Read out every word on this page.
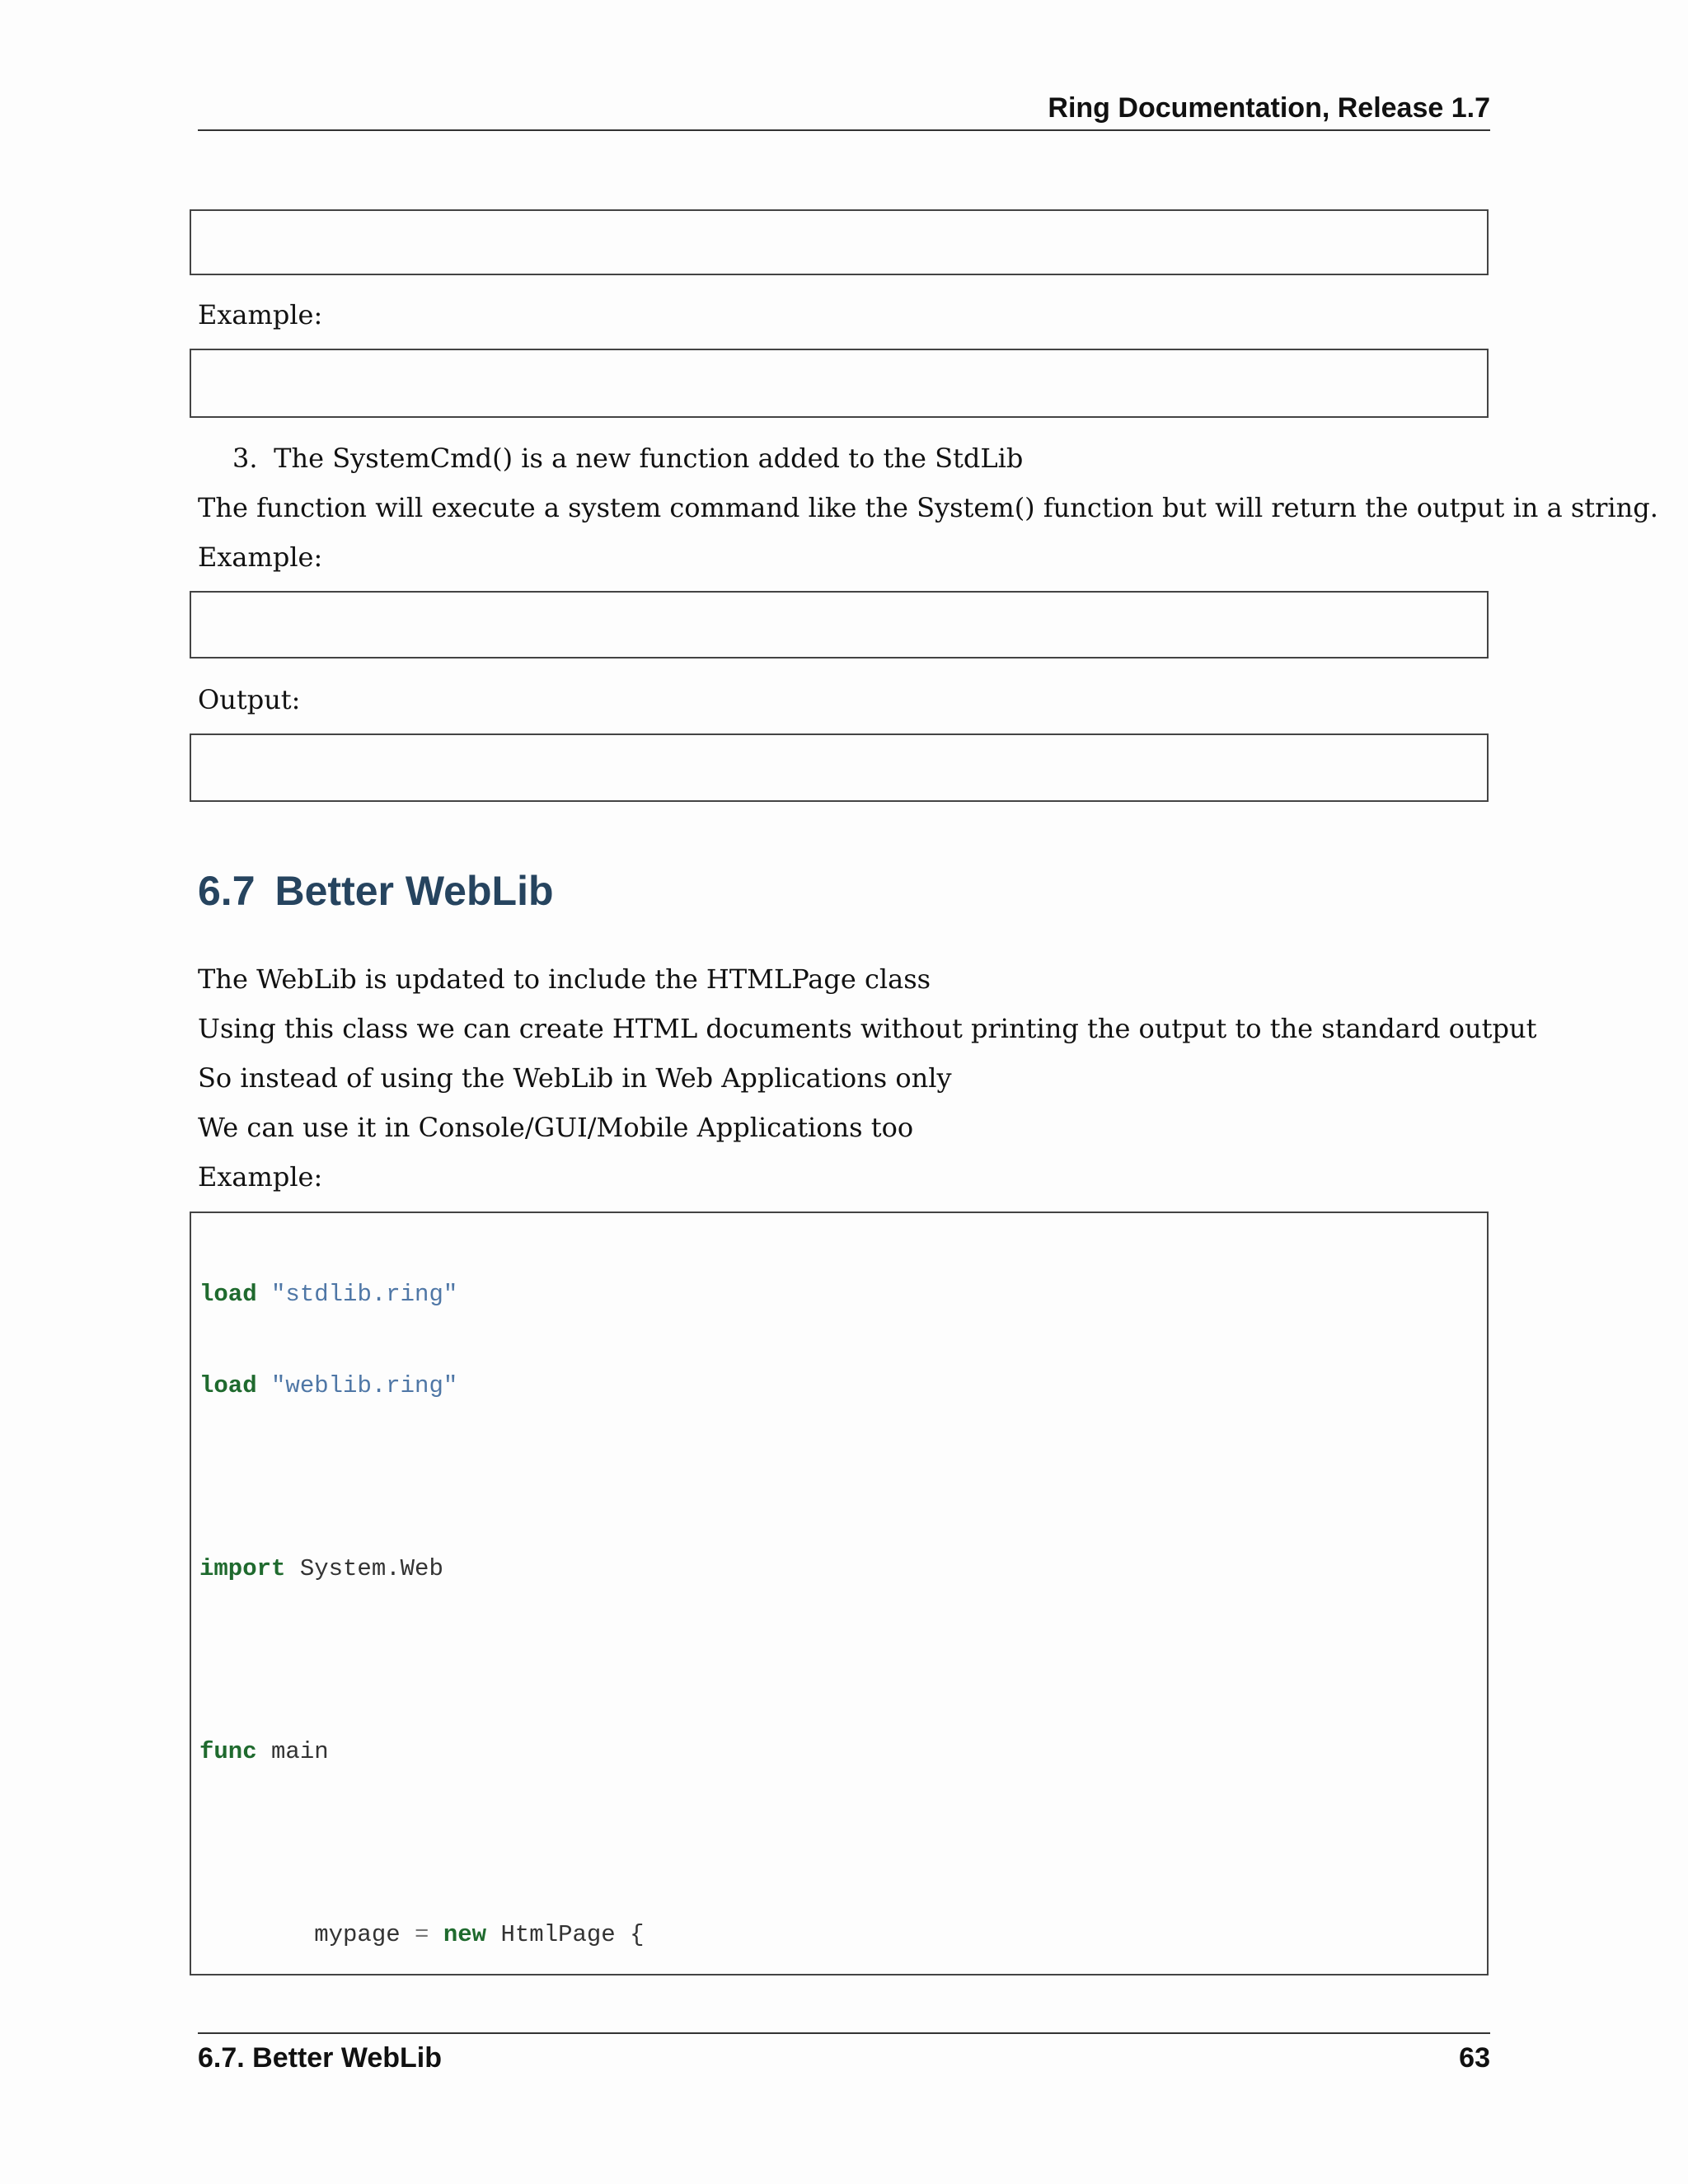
Ring Documentation, Release 1.7

Example:

3. The SystemCmd() is a new function added to the StdLib
The function will execute a system command like the System() function but will return the output in a string.
Example:

Output:

6.7 Better WebLib
The WebLib is updated to include the HTMLPage class
Using this class we can create HTML documents without printing the output to the standard output
So instead of using the WebLib in Web Applications only
We can use it in Console/GUI/Mobile Applications too
Example:

load "stdlib.ring"

load "weblib.ring"

import System.Web

func main

mypage = new HtmlPage {

6.7. Better WebLib	63
